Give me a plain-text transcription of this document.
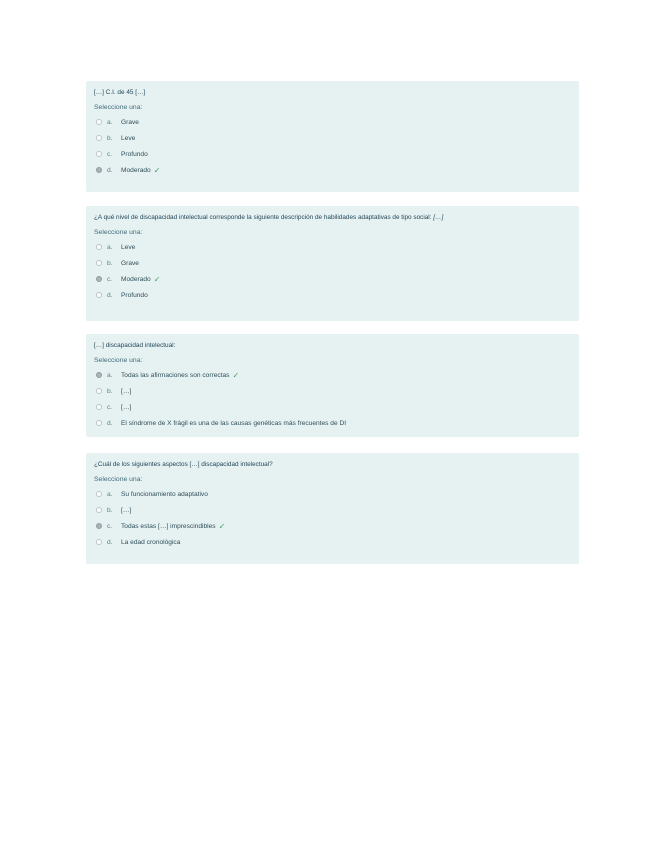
[…] C.I. de 45 […]
Seleccione una:
a.	Grave
b.	Leve
c.	Profundo
d.	Moderado ✓
¿A qué nivel de discapacidad intelectual corresponde la siguiente descripción de habilidades adaptativas de tipo social: […]
Seleccione una:
a.	Leve
b.	Grave
c.	Moderado ✓
d.	Profundo
[…] discapacidad intelectual:
Seleccione una:
a.	Todas las afirmaciones son correctas ✓
b.	[…]
c.	[…]
d.	El síndrome de X frágil es una de las causas genéticas más frecuentes de DI
¿Cuál de los siguientes aspectos […] discapacidad intelectual?
Seleccione una:
a.	Su funcionamiento adaptativo
b.	[…]
c.	Todas estas […] imprescindibles ✓
d.	La edad cronológica
